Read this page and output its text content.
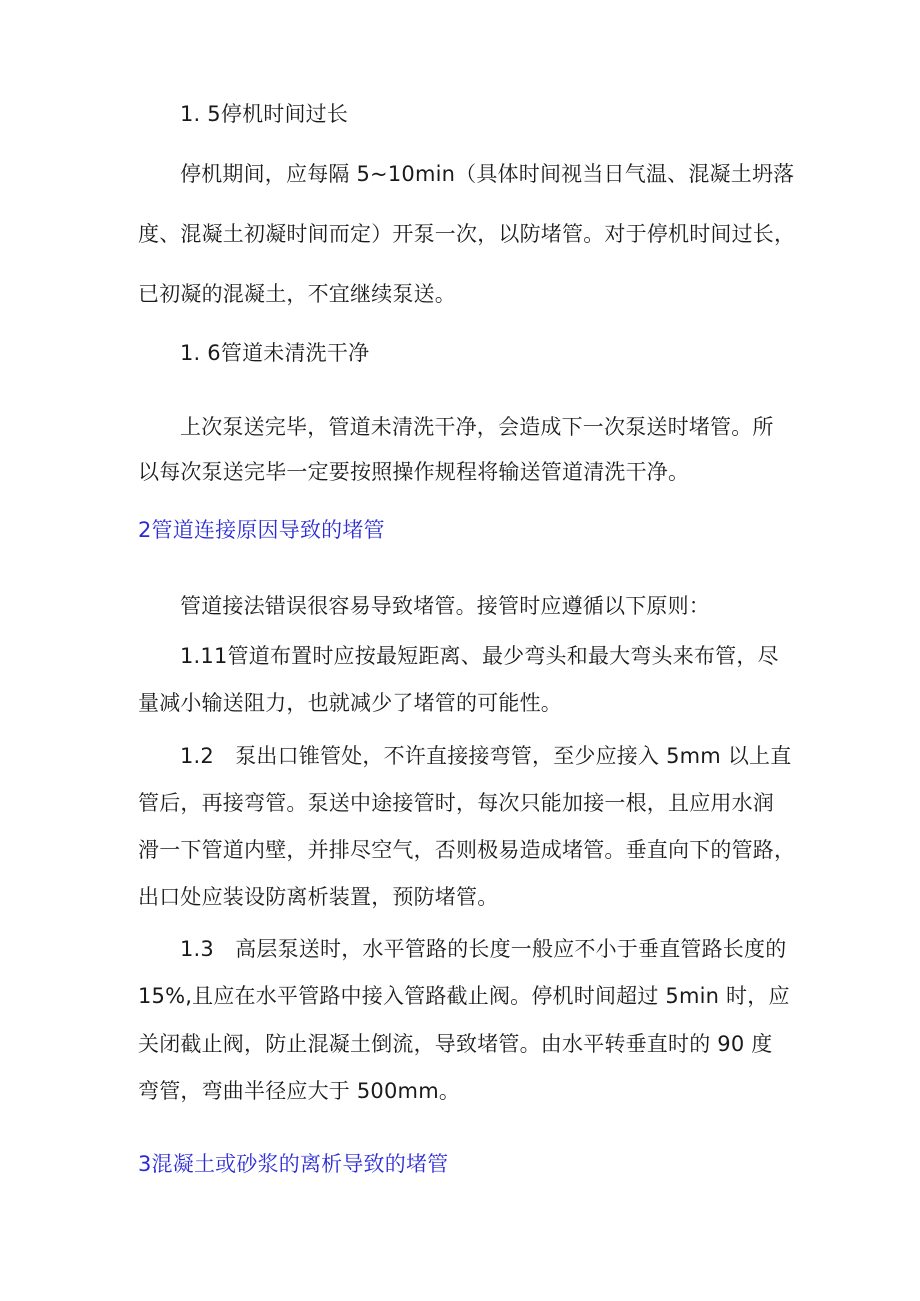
1. 5停机时间过长
停机期间，应每隔 5~10min（具体时间视当日气温、混凝土坍落
度、混凝土初凝时间而定）开泵一次，以防堵管。对于停机时间过长，
已初凝的混凝土，不宜继续泵送。
1. 6管道未清洗干净
上次泵送完毕，管道未清洗干净，会造成下一次泵送时堵管。所
以每次泵送完毕一定要按照操作规程将输送管道清洗干净。
2管道连接原因导致的堵管
管道接法错误很容易导致堵管。接管时应遵循以下原则：
1.11管道布置时应按最短距离、最少弯头和最大弯头来布管，尽
量减小输送阻力，也就减少了堵管的可能性。
1.2　泵出口锥管处，不许直接接弯管，至少应接入 5mm 以上直
管后，再接弯管。泵送中途接管时，每次只能加接一根，且应用水润
滑一下管道内壁，并排尽空气，否则极易造成堵管。垂直向下的管路，
出口处应装设防离析装置，预防堵管。
1.3　高层泵送时，水平管路的长度一般应不小于垂直管路长度的
15%,且应在水平管路中接入管路截止阀。停机时间超过 5min 时，应
关闭截止阀，防止混凝土倒流，导致堵管。由水平转垂直时的 90 度
弯管，弯曲半径应大于 500mm。
3混凝土或砂浆的离析导致的堵管
